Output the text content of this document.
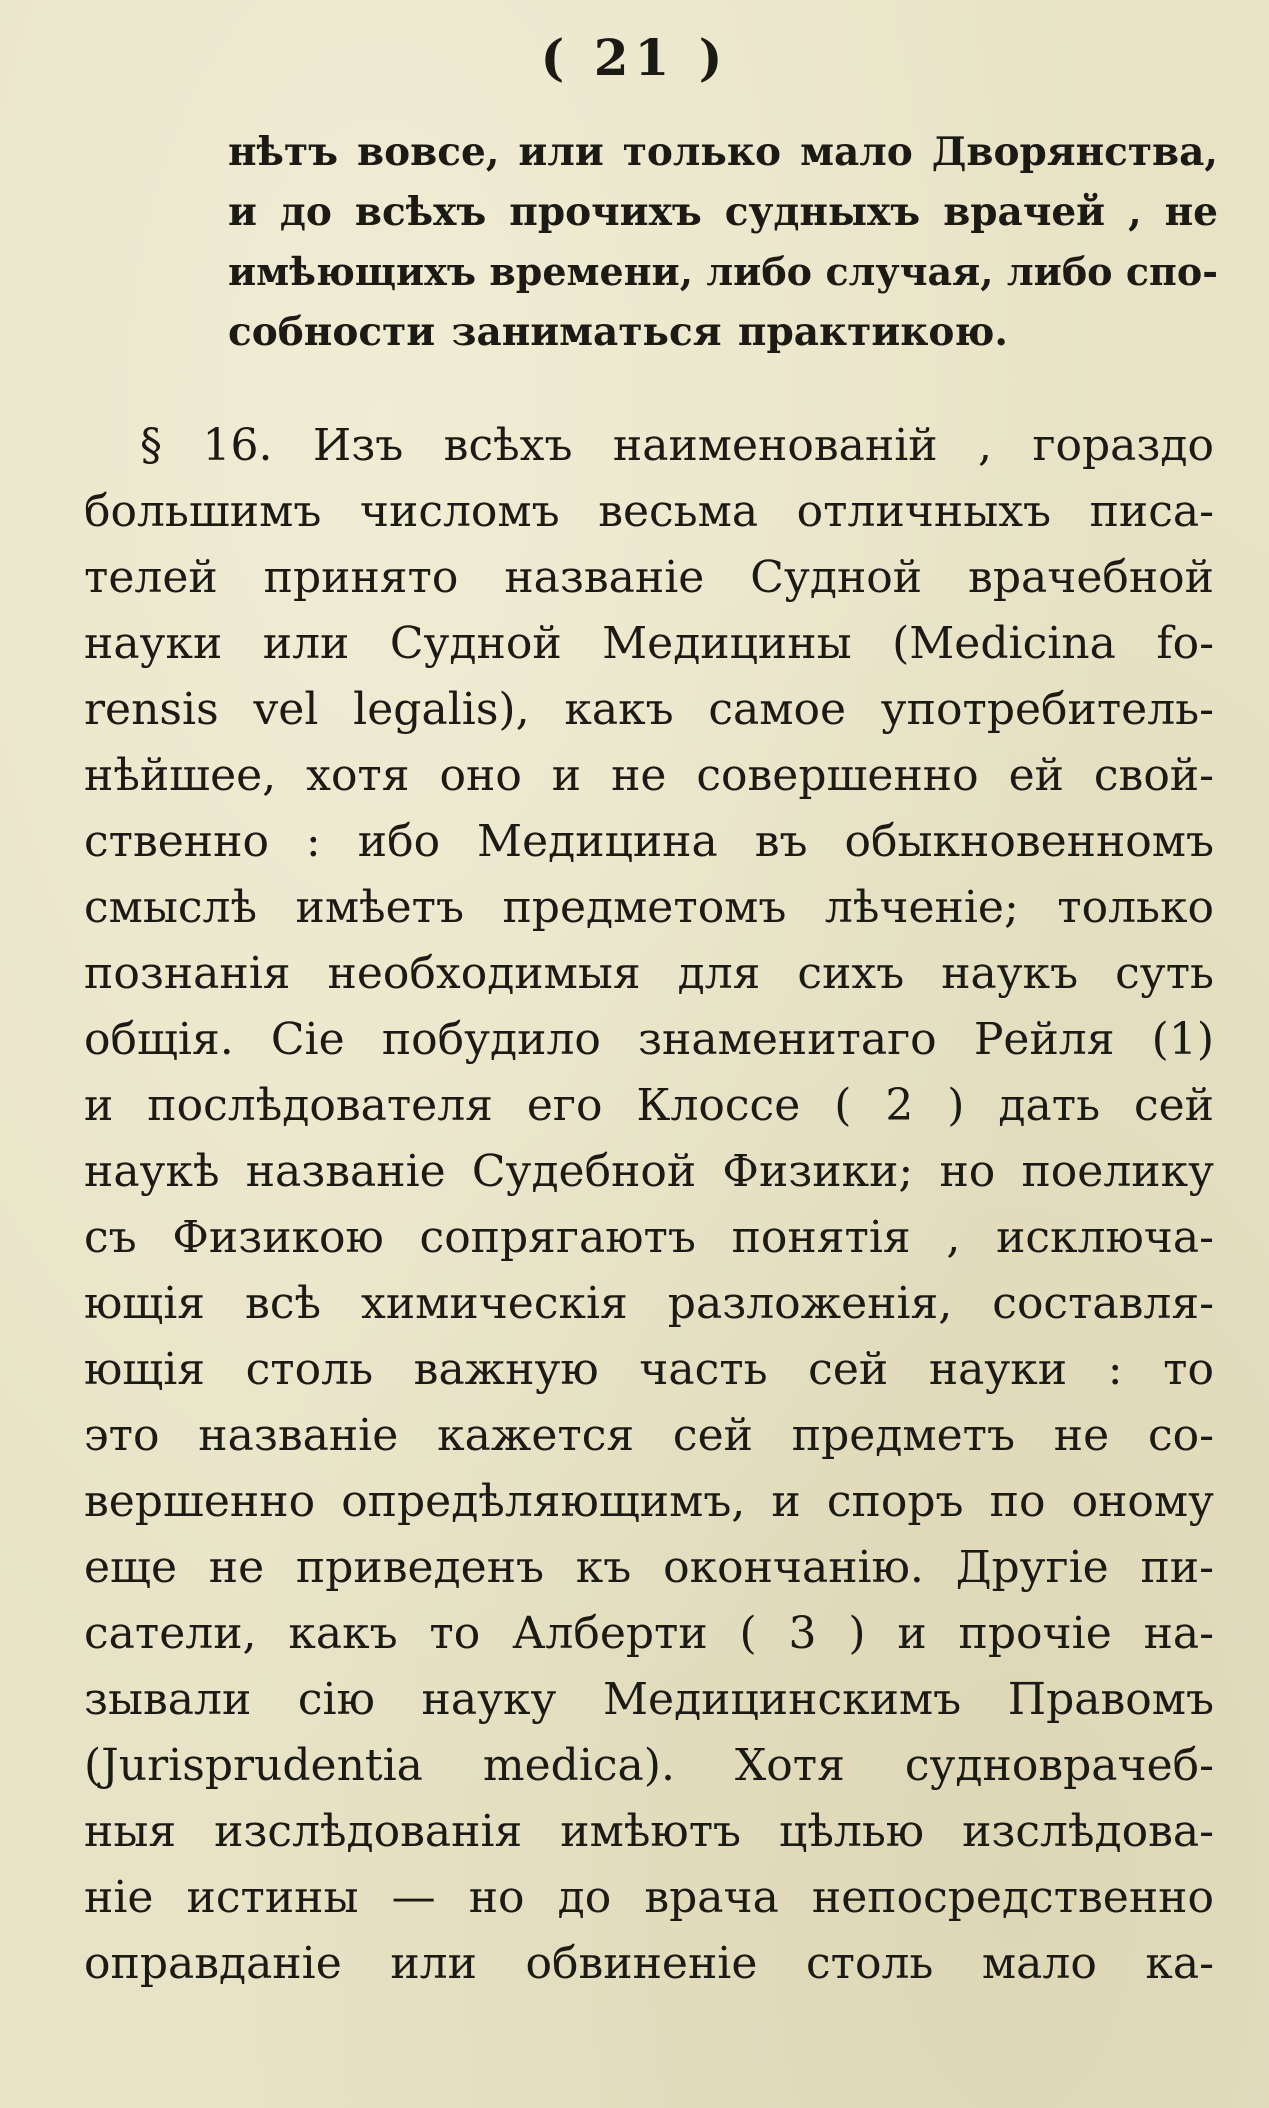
( 21 )
нѣтъ вовсе, или только мало Дворянства,
и до всѣхъ прочихъ судныхъ врачей , не
имѣющихъ времени, либо случая, либо спо-
собности заниматься практикою.
§ 16. Изъ всѣхъ наименованій , гораздо
большимъ числомъ весьма отличныхъ писа-
телей принято названіе Судной врачебной
науки или Судной Медицины (Medicina fo-
rensis vel legalis), какъ самое употребитель-
нѣйшее, хотя оно и не совершенно ей свой-
ственно : ибо Медицина въ обыкновенномъ
смыслѣ имѣетъ предметомъ лѣченіе; только
познанія необходимыя для сихъ наукъ суть
общія. Сіе побудило знаменитаго Рейля (1)
и послѣдователя его Клоссе ( 2 ) дать сей
наукѣ названіе Судебной Физики; но поелику
съ Физикою сопрягаютъ понятія , исключа-
ющія всѣ химическія разложенія, составля-
ющія столь важную часть сей науки : то
это названіе кажется сей предметъ не со-
вершенно опредѣляющимъ, и споръ по оному
еще не приведенъ къ окончанію. Другіе пи-
сатели, какъ то Алберти ( 3 ) и прочіе на-
зывали сію науку Медицинскимъ Правомъ
(Jurisprudentia medica). Хотя судноврачеб-
ныя изслѣдованія имѣютъ цѣлью изслѣдова-
ніе истины — но до врача непосредственно
оправданіе или обвиненіе столь мало ка-
